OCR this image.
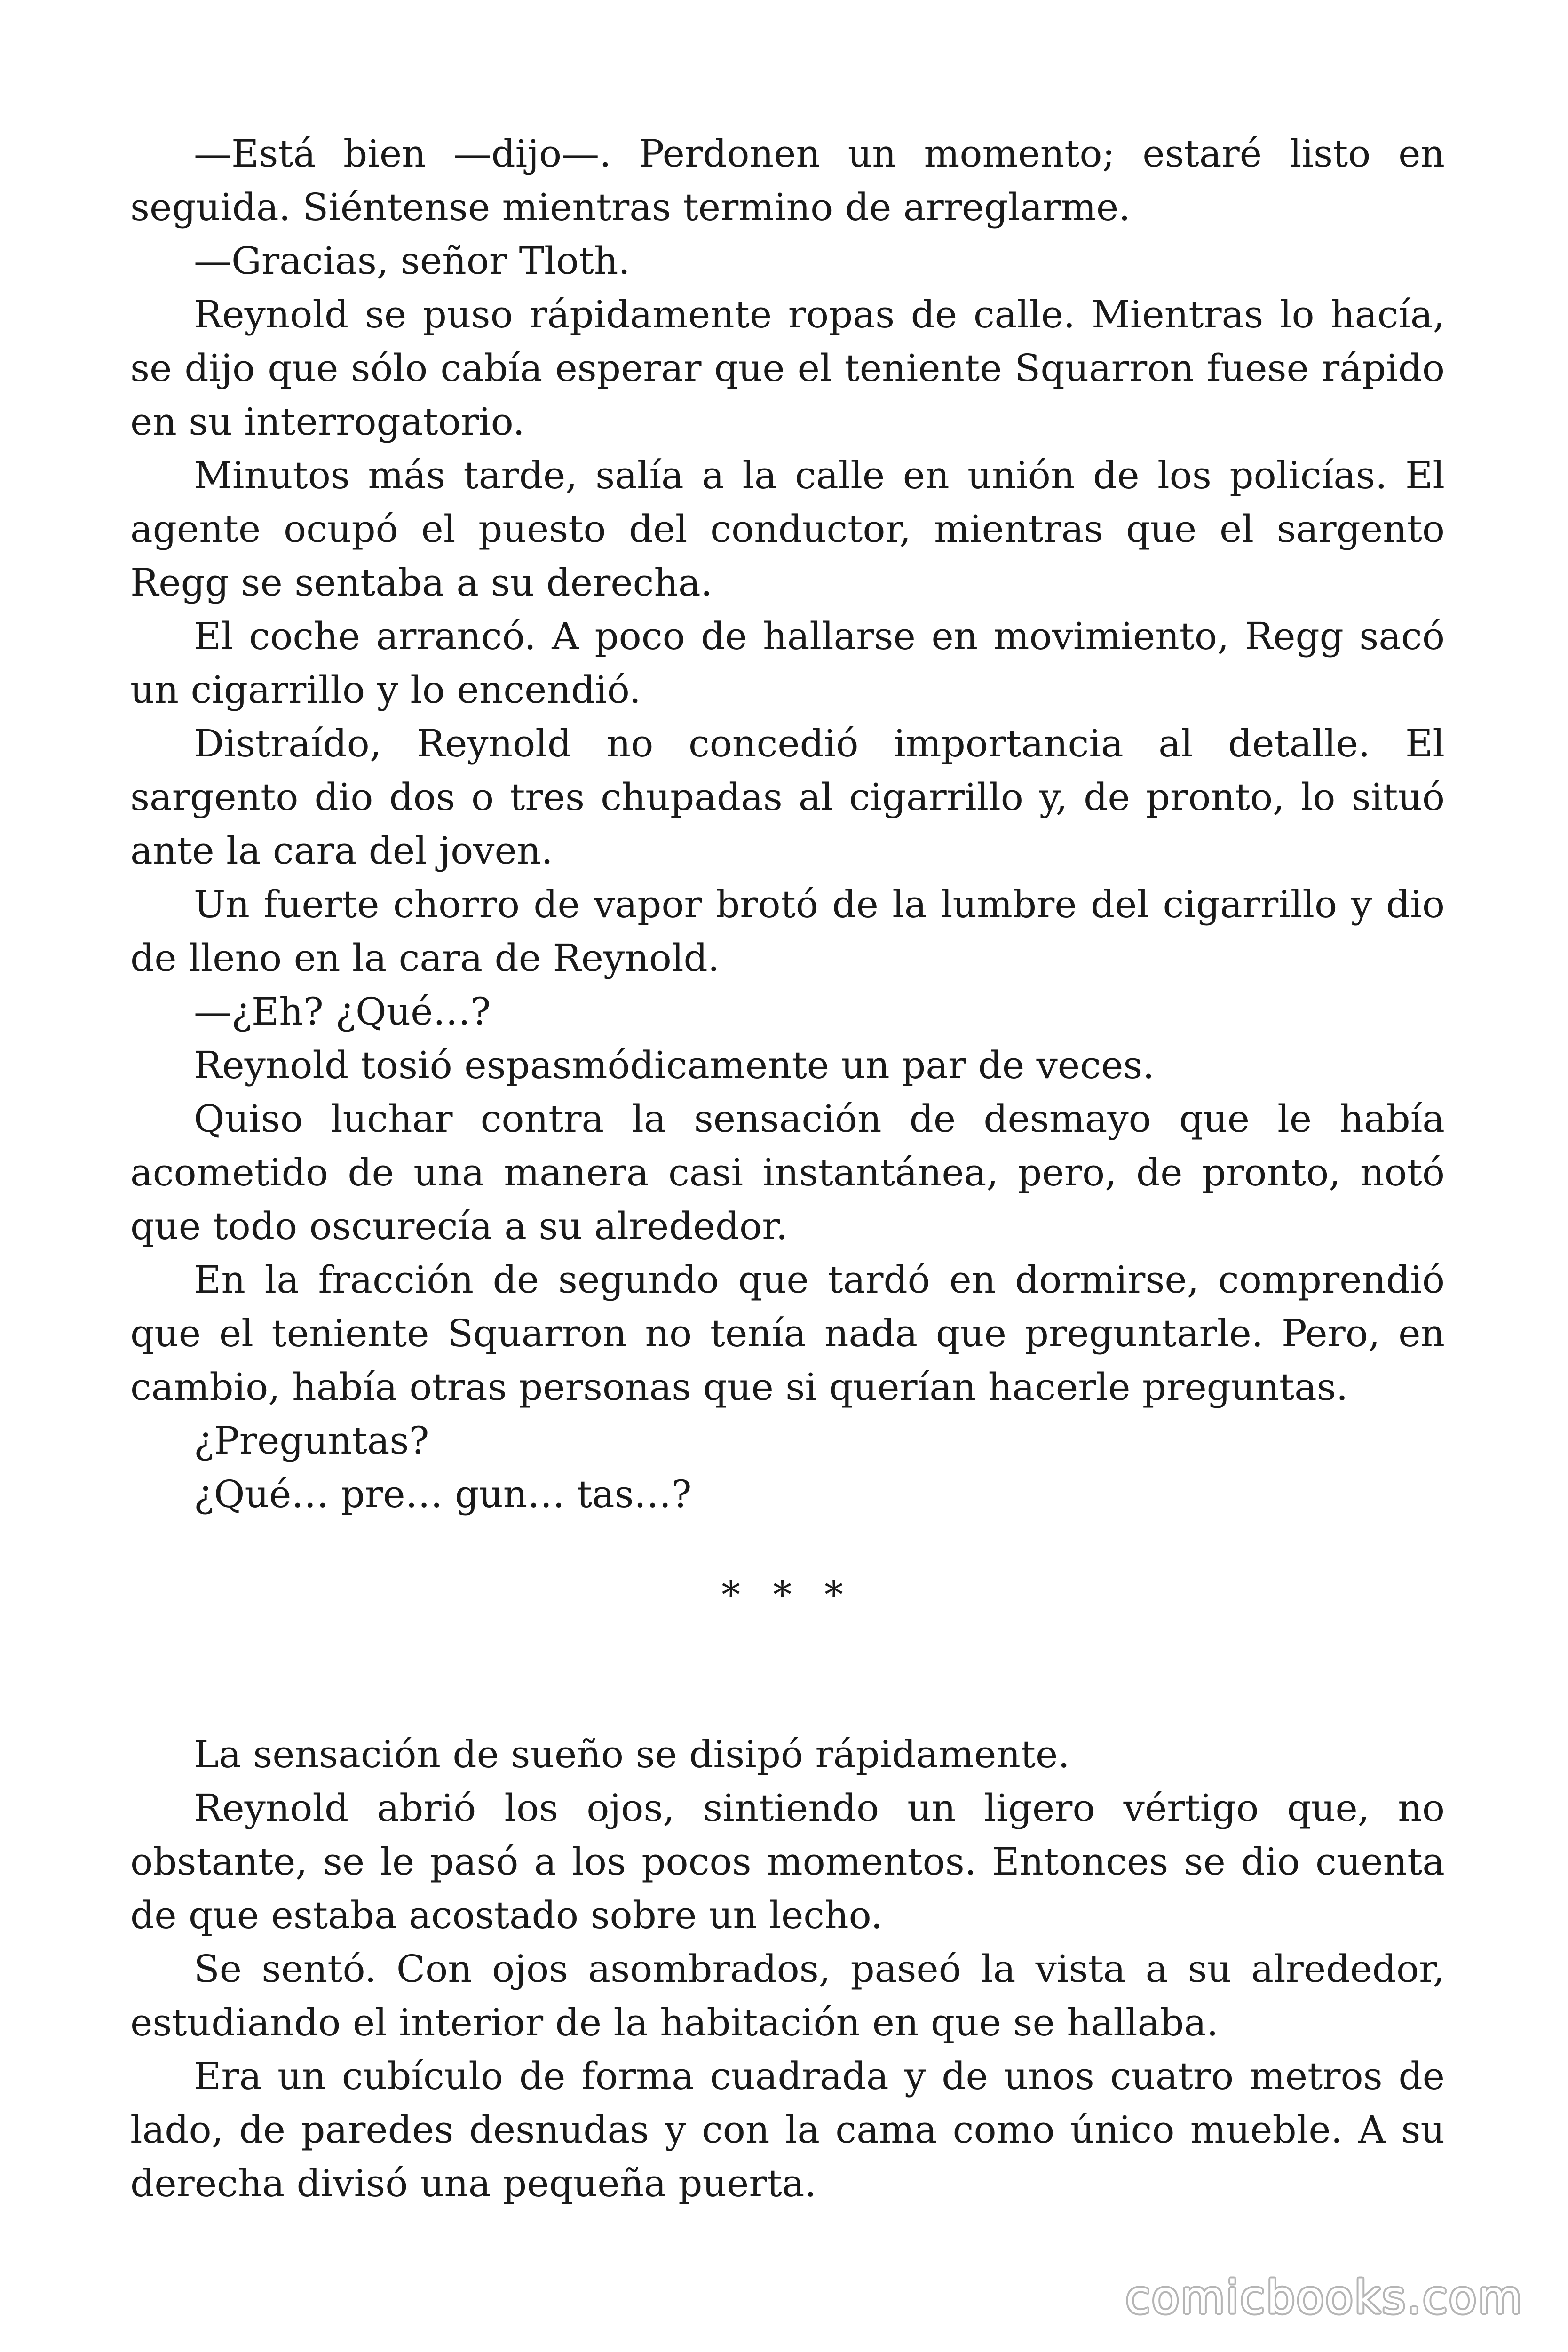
—Está bien —dijo—. Perdonen un momento; estaré listo en seguida. Siéntense mientras termino de arreglarme.

—Gracias, señor Tloth.

Reynold se puso rápidamente ropas de calle. Mientras lo hacía, se dijo que sólo cabía esperar que el teniente Squarron fuese rápido en su interrogatorio.

Minutos más tarde, salía a la calle en unión de los policías. El agente ocupó el puesto del conductor, mientras que el sargento Regg se sentaba a su derecha.

El coche arrancó. A poco de hallarse en movimiento, Regg sacó un cigarrillo y lo encendió.

Distraído, Reynold no concedió importancia al detalle. El sargento dio dos o tres chupadas al cigarrillo y, de pronto, lo situó ante la cara del joven.

Un fuerte chorro de vapor brotó de la lumbre del cigarrillo y dio de lleno en la cara de Reynold.

—¿Eh? ¿Qué…?

Reynold tosió espasmódicamente un par de veces.

Quiso luchar contra la sensación de desmayo que le había acometido de una manera casi instantánea, pero, de pronto, notó que todo oscurecía a su alrededor.

En la fracción de segundo que tardó en dormirse, comprendió que el teniente Squarron no tenía nada que preguntarle. Pero, en cambio, había otras personas que si querían hacerle preguntas.

¿Preguntas?

¿Qué… pre… gun… tas…?

* * *

La sensación de sueño se disipó rápidamente.

Reynold abrió los ojos, sintiendo un ligero vértigo que, no obstante, se le pasó a los pocos momentos. Entonces se dio cuenta de que estaba acostado sobre un lecho.

Se sentó. Con ojos asombrados, paseó la vista a su alrededor, estudiando el interior de la habitación en que se hallaba.

Era un cubículo de forma cuadrada y de unos cuatro metros de lado, de paredes desnudas y con la cama como único mueble. A su derecha divisó una pequeña puerta.

comicbooks.com
